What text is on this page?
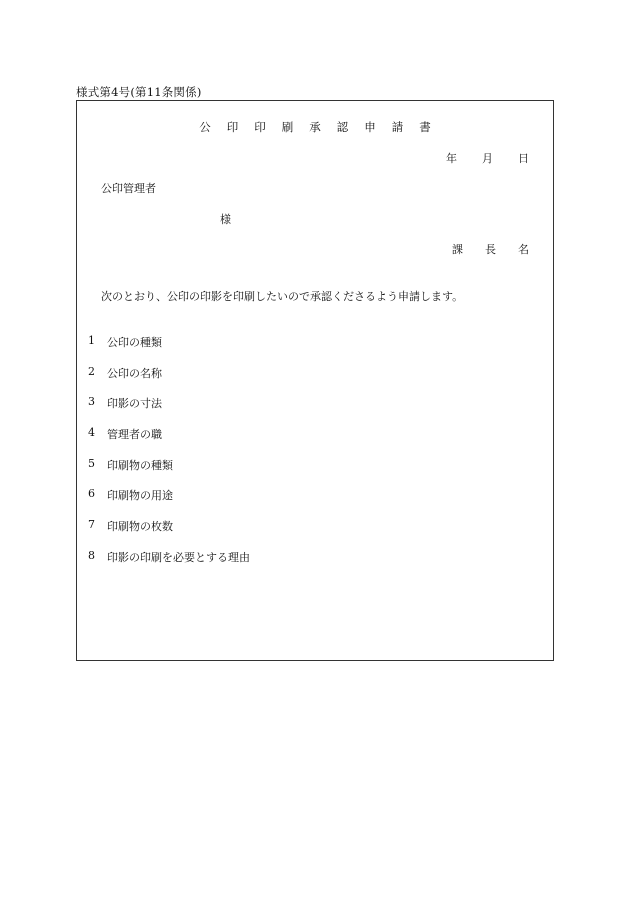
様式第4号(第11条関係)
公印印刷承認申請書
年 月 日
公印管理者
様
課長名
次のとおり、公印の印影を印刷したいので承認くださるよう申請します。
1	公印の種類
2	公印の名称
3	印影の寸法
4	管理者の職
5	印刷物の種類
6	印刷物の用途
7	印刷物の枚数
8	印影の印刷を必要とする理由
